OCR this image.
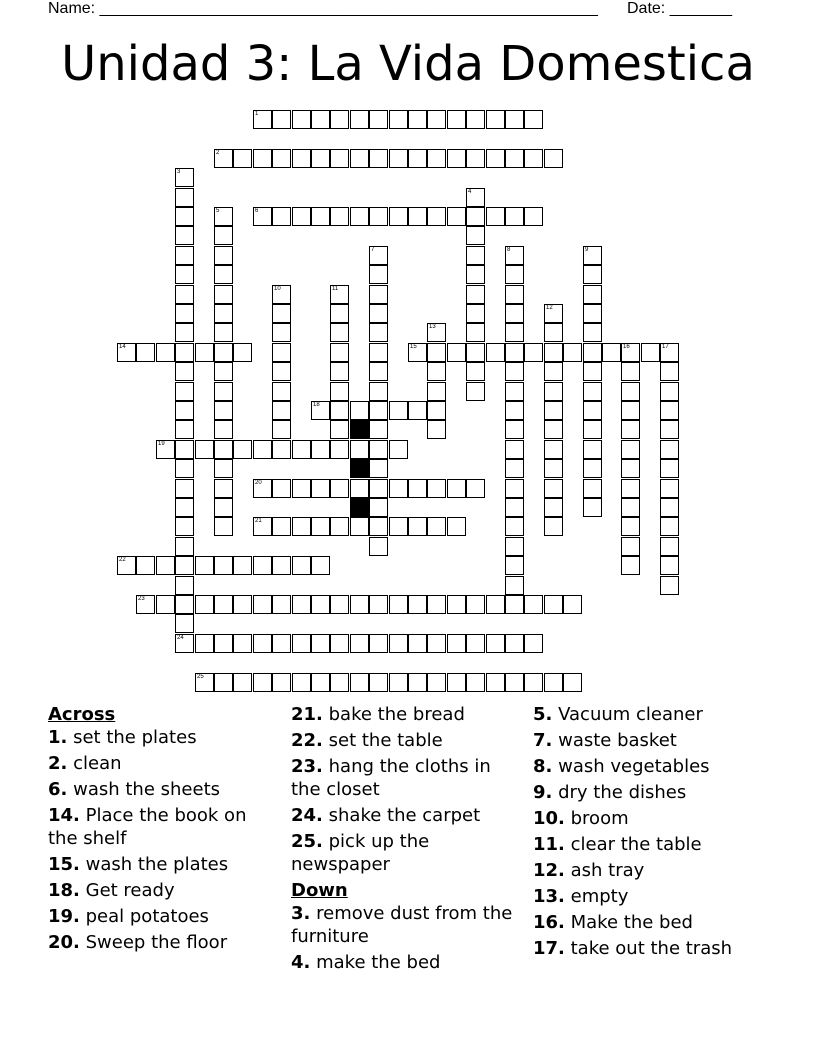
Name: ________________________________________________________ Date: _______
Unidad 3: La Vida Domestica
1
2
6
14	15	16	17
18
19
20
21
22
23
24
25
3
4
5
7	8	9
10	11
12
13

Across

1. set the plates

2. clean

6. wash the sheets

14. Place the book on the shelf

15. wash the plates

18. Get ready

19. peal potatoes

20. Sweep the floor

21. bake the bread

22. set the table

23. hang the cloths in the closet

24. shake the carpet

25. pick up the newspaper

Down

3. remove dust from the furniture

4. make the bed

5. Vacuum cleaner

7. waste basket

8. wash vegetables

9. dry the dishes

10. broom

11. clear the table

12. ash tray

13. empty

16. Make the bed

17. take out the trash
